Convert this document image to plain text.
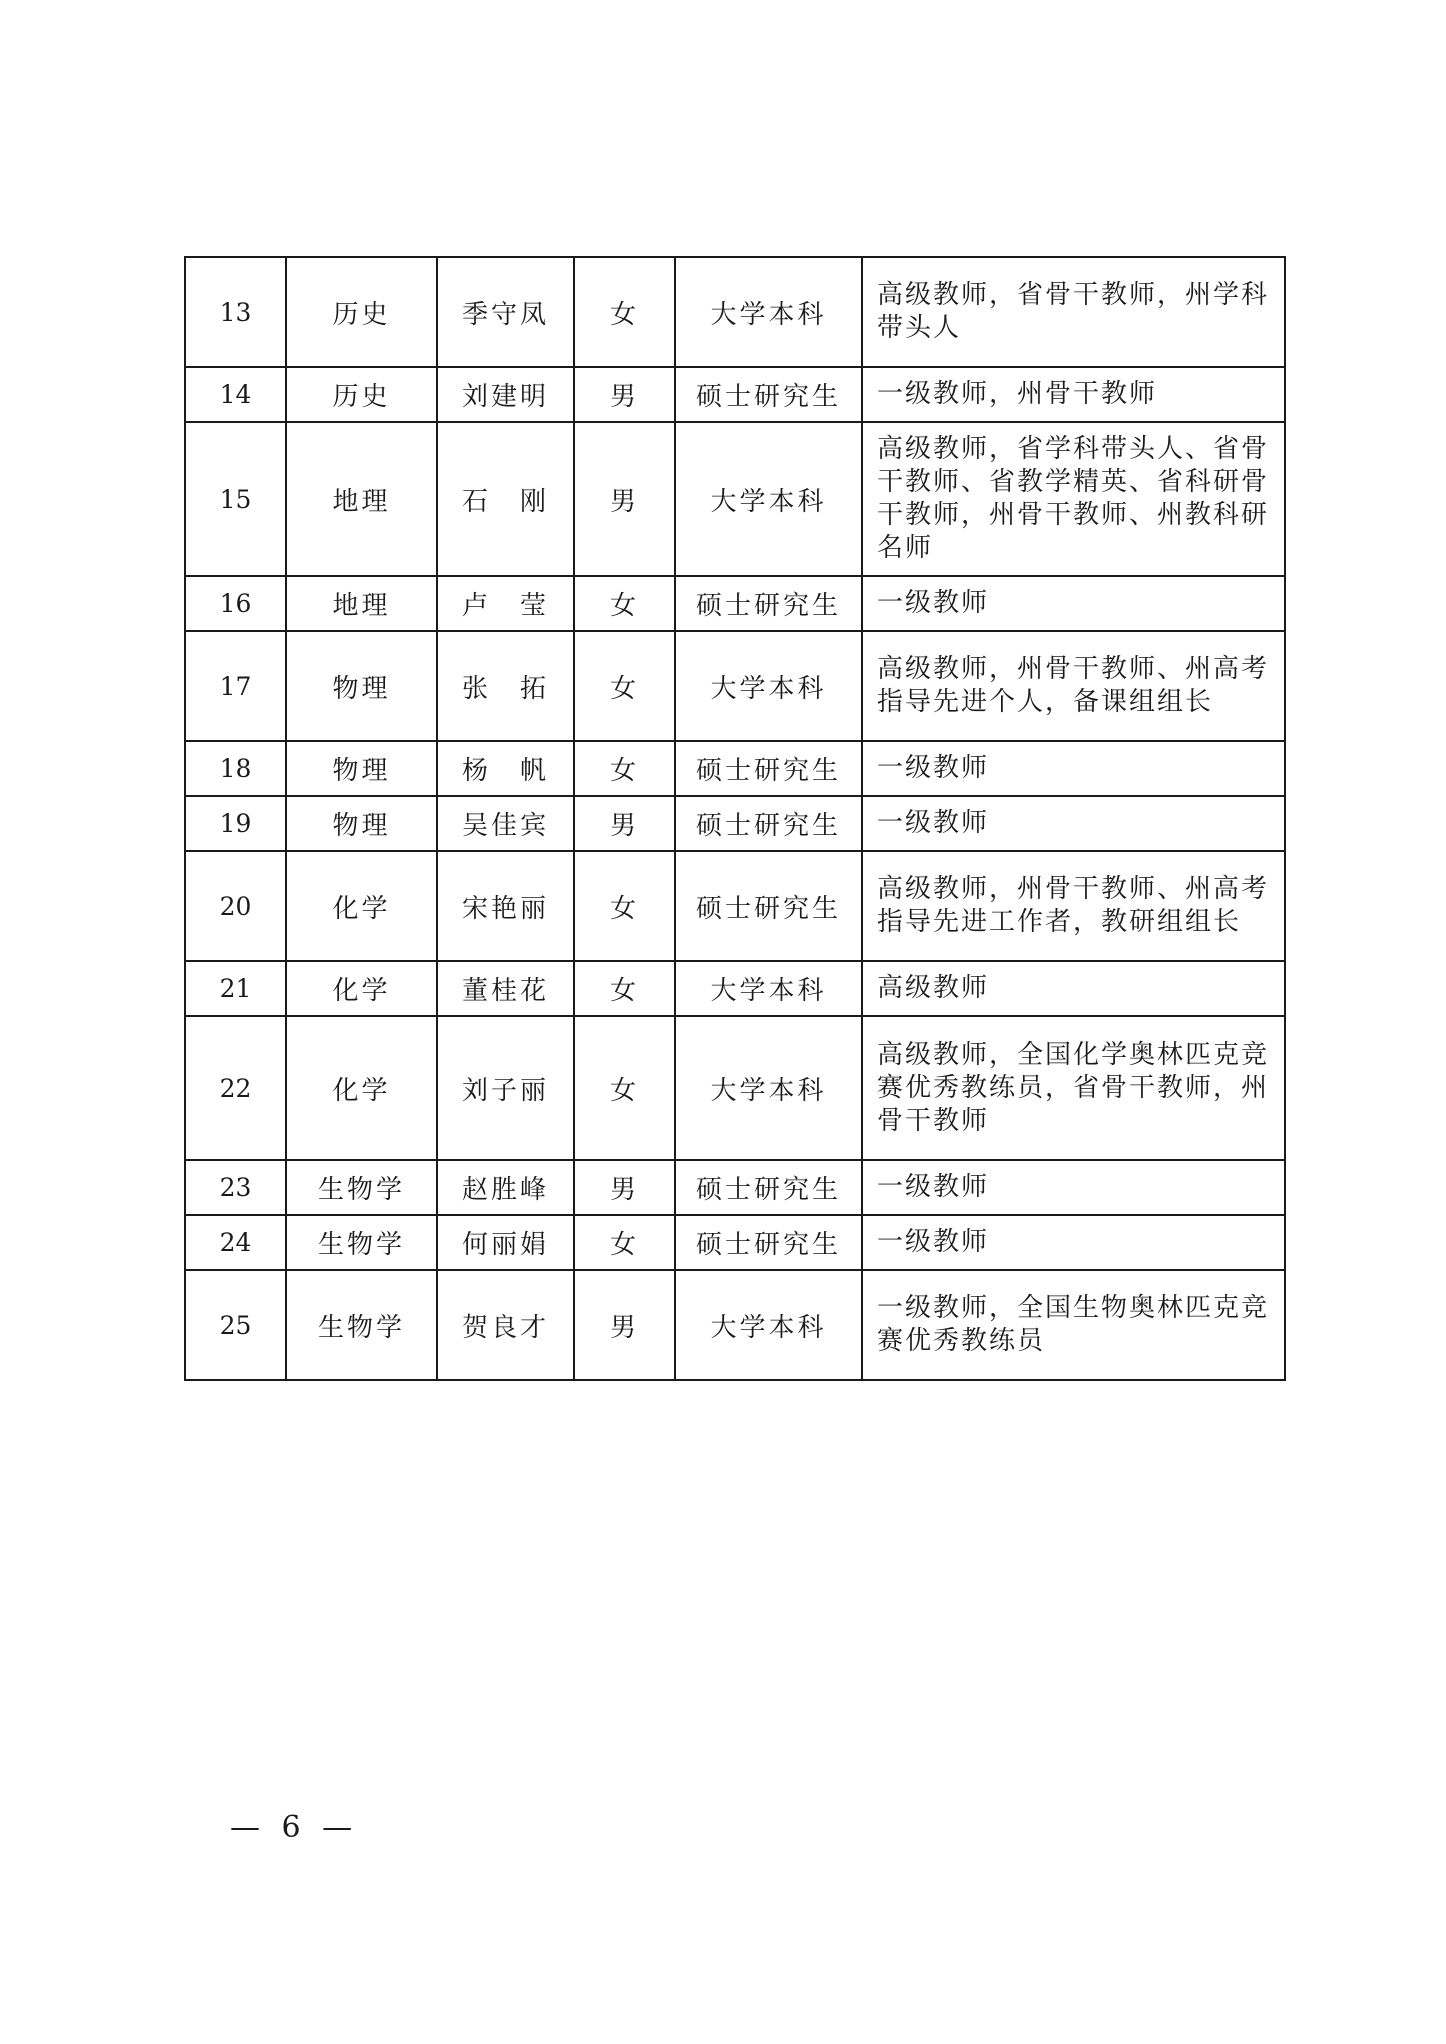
13	历史	季守凤	女	大学本科	高级教师，省骨干教师，州学科带头人
14	历史	刘建明	男	硕士研究生	一级教师，州骨干教师
15	地理	石　刚	男	大学本科	高级教师，省学科带头人、省骨干教师、省教学精英、省科研骨干教师，州骨干教师、州教科研名师
16	地理	卢　莹	女	硕士研究生	一级教师
17	物理	张　拓	女	大学本科	高级教师，州骨干教师、州高考指导先进个人，备课组组长
18	物理	杨　帆	女	硕士研究生	一级教师
19	物理	吴佳宾	男	硕士研究生	一级教师
20	化学	宋艳丽	女	硕士研究生	高级教师，州骨干教师、州高考指导先进工作者，教研组组长
21	化学	董桂花	女	大学本科	高级教师
22	化学	刘子丽	女	大学本科	高级教师，全国化学奥林匹克竞赛优秀教练员，省骨干教师，州骨干教师
23	生物学	赵胜峰	男	硕士研究生	一级教师
24	生物学	何丽娟	女	硕士研究生	一级教师
25	生物学	贺良才	男	大学本科	一级教师，全国生物奥林匹克竞赛优秀教练员
— 6 —
